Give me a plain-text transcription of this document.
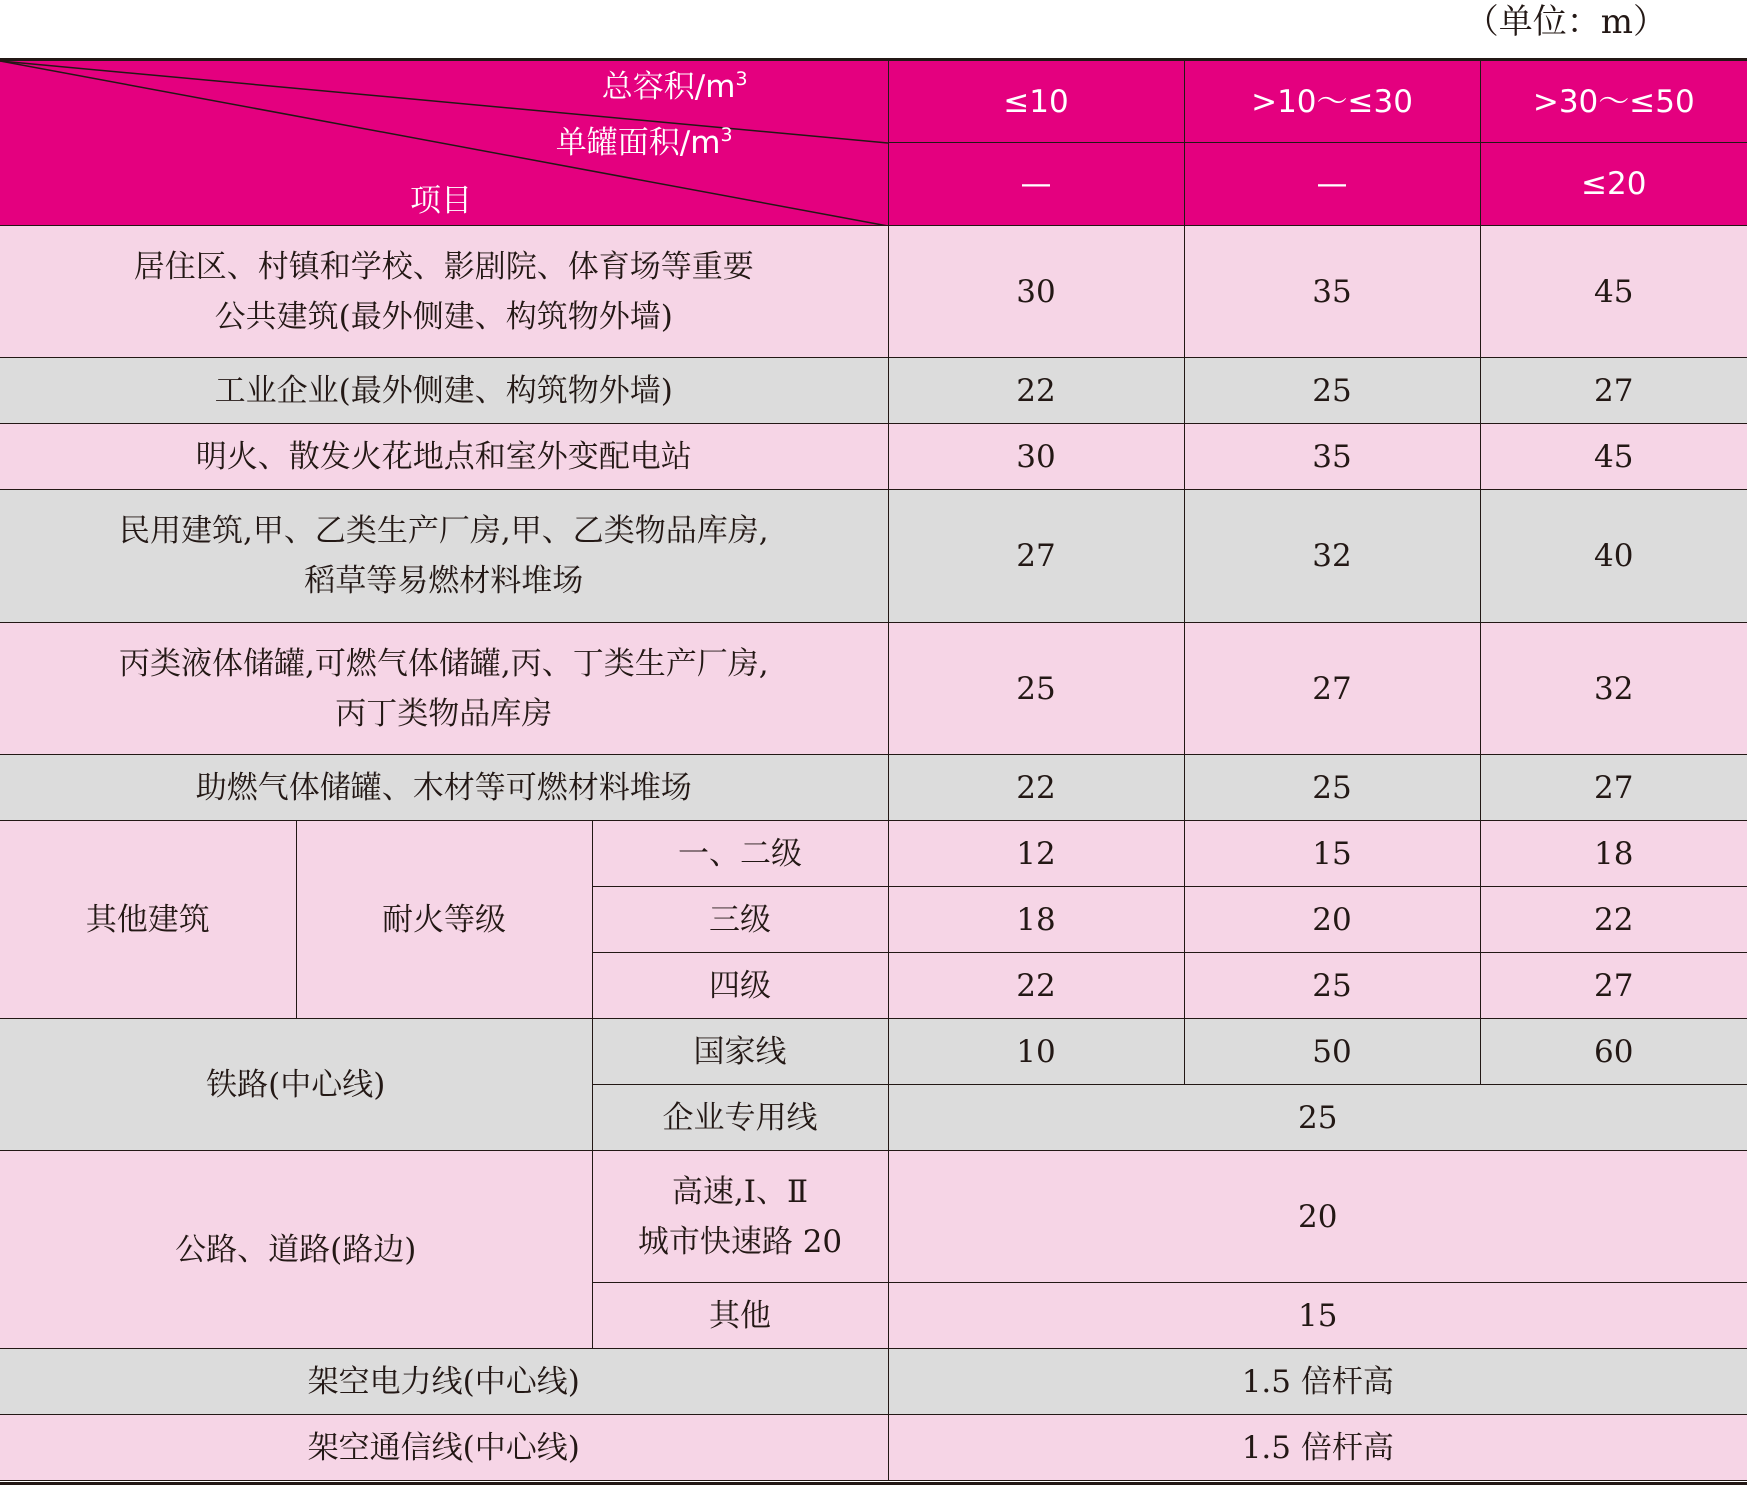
（单位：m）
总容积$/m^3$
单罐面积$/m^3$
项目			≤10	>10～≤30	>30～≤50
			—	—	≤20

居住区、村镇和学校、影剧院、体育场等重要
公共建筑(最外侧建、构筑物外墙)			30	35	45
工业企业(最外侧建、构筑物外墙)			22	25	27
明火、散发火花地点和室外变配电站			30	35	45

民用建筑,甲、乙类生产厂房,甲、乙类物品库房,
稻草等易燃材料堆场			27	32	40

丙类液体储罐,可燃气体储罐,丙、丁类生产厂房,
丙丁类物品库房			25	27	32
助燃气体储罐、木材等可燃材料堆场			22	25	27
其他建筑	耐火等级	一、二级	12	15	18
		三级	18	20	22
		四级	22	25	27
铁路(中心线)		国家线	10	50	60
		企业专用线	25		
公路、道路(路边)		高速,Ⅰ、Ⅱ
城市快速路 20	20		
		其他	15		
架空电力线(中心线)			1.5 倍杆高		
架空通信线(中心线)			1.5 倍杆高		
